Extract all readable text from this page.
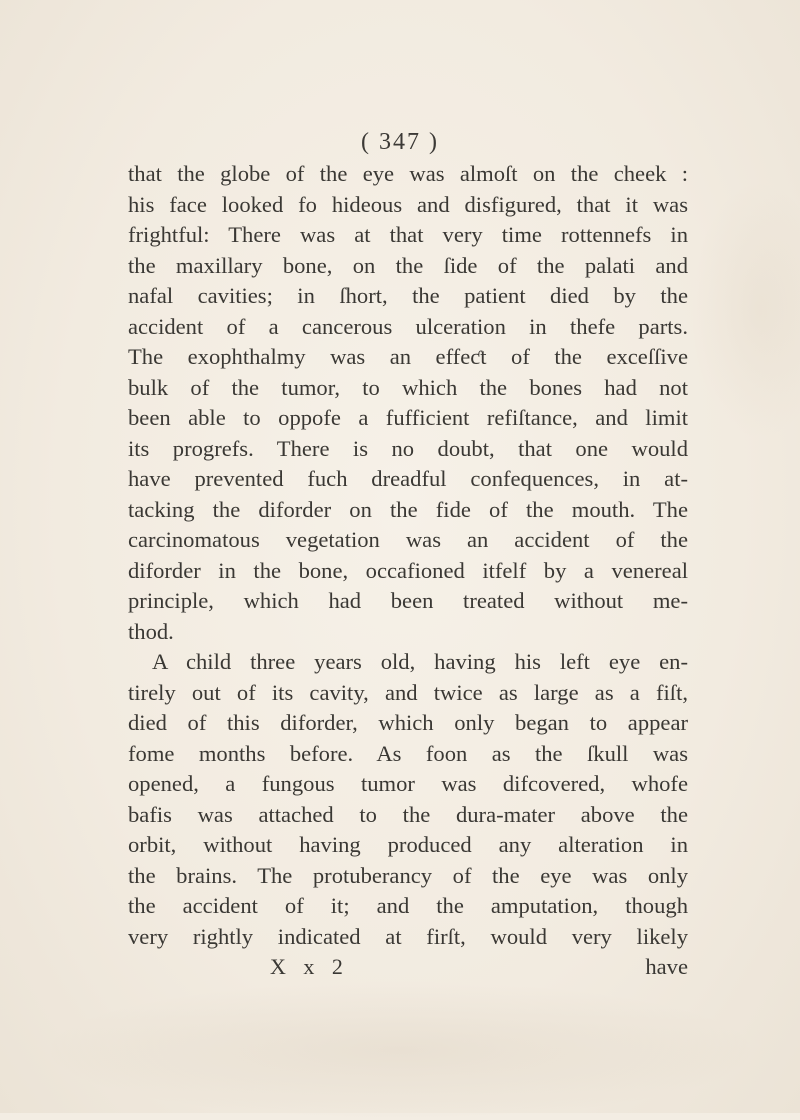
( 347 )
that the globe of the eye was almoſt on the cheek :
his face looked fo hideous and disfigured, that it was
frightful: There was at that very time rottennefs in
the maxillary bone, on the ſide of the palati and
nafal cavities; in ſhort, the patient died by the
accident of a cancerous ulceration in thefe parts.
The exophthalmy was an effeƈt of the exceſſive
bulk of the tumor, to which the bones had not
been able to oppofe a fufficient refiſtance, and limit
its progrefs. There is no doubt, that one would
have prevented fuch dreadful confequences, in at-
tacking the diforder on the fide of the mouth. The
carcinomatous vegetation was an accident of the
diforder in the bone, occafioned itfelf by a venereal
principle, which had been treated without me-
thod.
A child three years old, having his left eye en-
tirely out of its cavity, and twice as large as a fiſt,
died of this diforder, which only began to appear
fome months before. As foon as the ſkull was
opened, a fungous tumor was difcovered, whofe
bafis was attached to the dura-mater above the
orbit, without having produced any alteration in
the brains. The protuberancy of the eye was only
the accident of it; and the amputation, though
very rightly indicated at firſt, would very likely
X x 2	have
